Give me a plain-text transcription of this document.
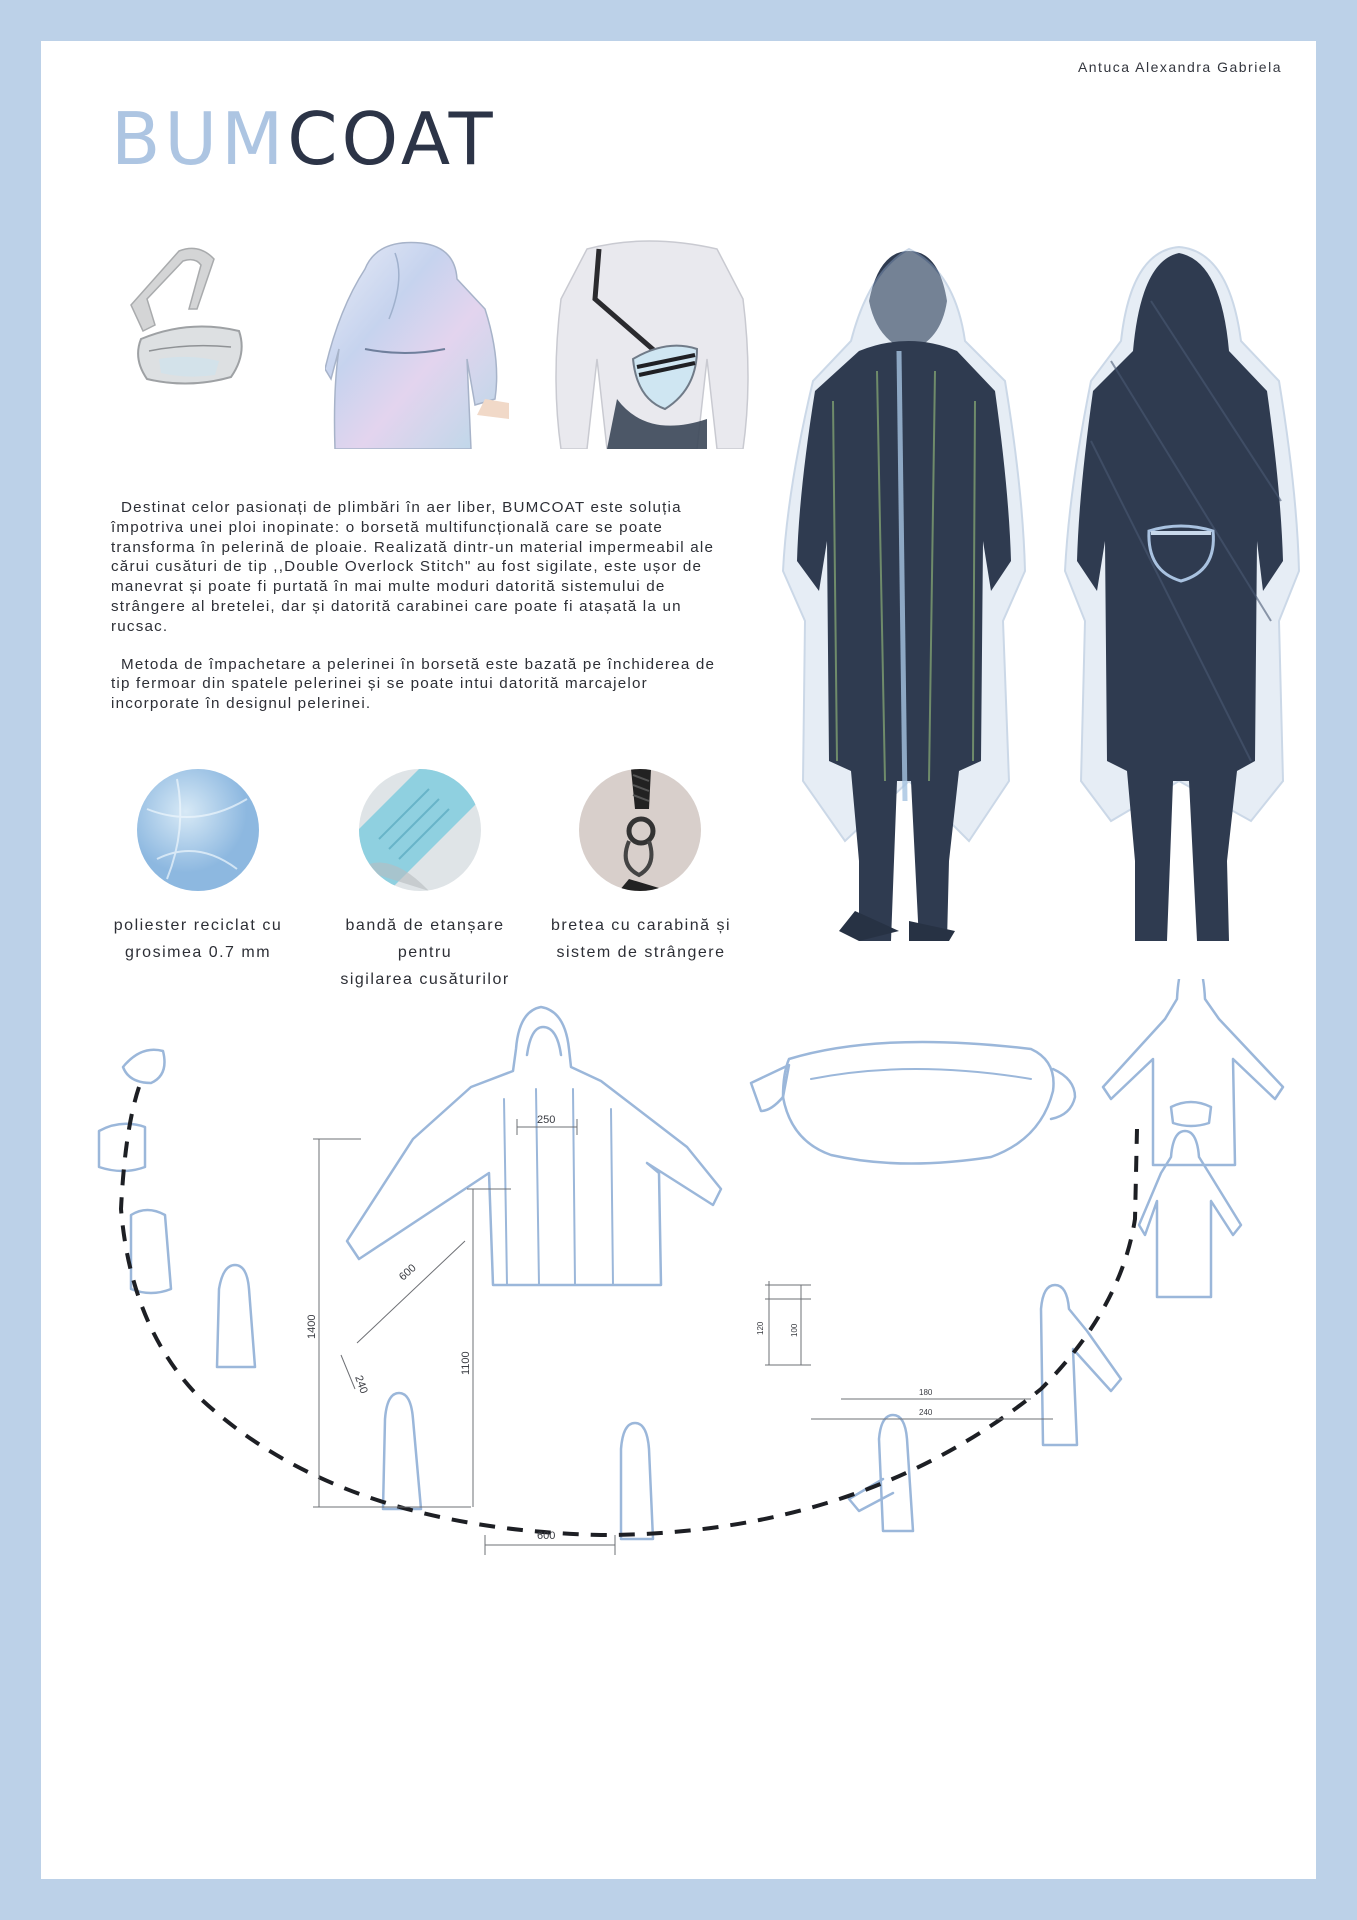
Antuca Alexandra Gabriela
BUMCOAT

Destinat celor pasionați de plimbări în aer liber, BUMCOAT este soluția împotriva unei ploi inopinate: o borsetă multifuncțională care se poate transforma în pelerină de ploaie. Realizată dintr-un material impermeabil ale cărui cusături de tip ,,Double Overlock Stitch" au fost sigilate, este ușor de manevrat și poate fi purtată în mai multe moduri datorită sistemului de strângere al bretelei, dar și datorită carabinei care poate fi atașată la un rucsac.

Metoda de împachetare a pelerinei în borsetă este bazată pe închiderea de tip fermoar din spatele pelerinei și se poate intui datorită marcajelor incorporate în designul pelerinei.

poliester reciclat cu
grosimea 0.7 mm
bandă de etanșare pentru
sigilarea cusăturilor
bretea cu carabină și
sistem de strângere
250
600
240
1400
1100
600
120	100
180
240
